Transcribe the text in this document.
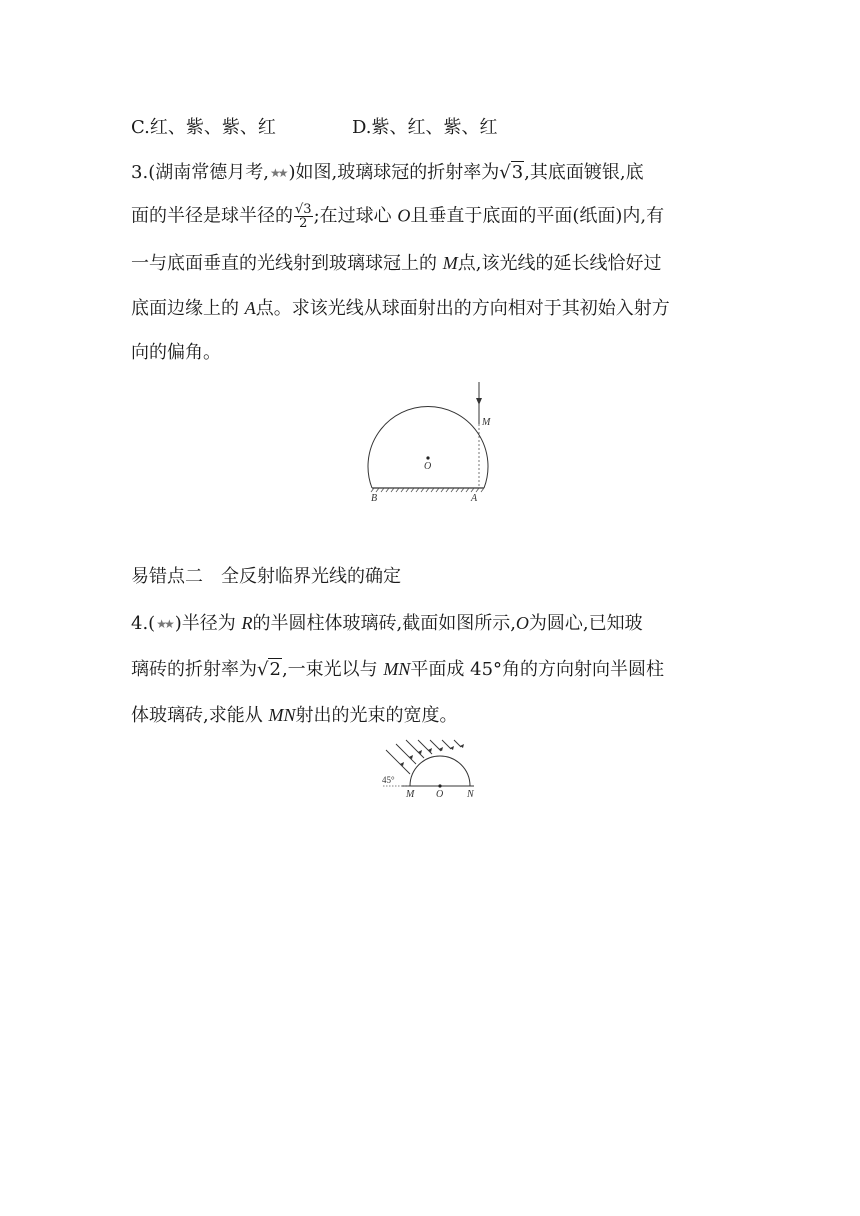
C.红、紫、紫、红	D.紫、红、紫、红
3.(湖南常德月考,★★ )如图,玻璃球冠的折射率为√3,其底面镀银,底
面的半径是球半径的 $\frac{√3}{2}$ ;在过球心 O且垂直于底面的平面(纸面)内,有
一与底面垂直的光线射到玻璃球冠上的 M点,该光线的延长线恰好过
底面边缘上的 A点。求该光线从球面射出的方向相对于其初始入射方
向的偏角。
M
O
B	A
易错点二　全反射临界光线的确定
4.(★★ )半径为 R的半圆柱体玻璃砖,截面如图所示,O为圆心,已知玻
璃砖的折射率为√2,一束光以与 MN平面成 45°角的方向射向半圆柱
体玻璃砖,求能从 MN射出的光束的宽度。
45°
M O N
